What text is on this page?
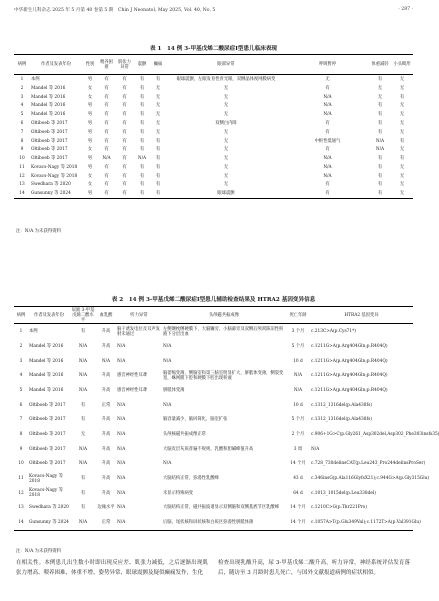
中华新生儿科杂志 2025 年 5 月第 40 卷第 5 期　Chin J Neonatol, May 2025, Vol. 40, No. 5	· 287 ·
表 1　14 例 3-甲基戊烯二酸尿症Ⅰ型患儿临床表现
病例	作者及发表年份	性别	喂养困难	肌张力异常	震颤	癫痫	眼部异常	呼吸暂停	体重减轻	小头畸形
1	本例	男	有	有	有	有	眼球震颤，左眼发育性青光眼，双侧晶体视网膜病变	无	有	无
2	Mandel 等 2016	女	有	有	有	无	无	有	无	无
3	Mandel 等 2016	女	有	有	有	无	无	N/A	无	有
4	Mandel 等 2016	男	有	有	有	无	无	N/A	有	无
5	Mandel 等 2016	男	有	有	有	无	无	N/A	有	无
6	Oltiboeb 等 2017	男	有	有	有	无	双侧白内障	有	有	无
7	Oltiboeb 等 2017	男	有	有	有	无	无	有	有	无
8	Oltiboeb 等 2017	男	有	有	有	有	无	中枢性低通气	N/A	有
9	Oltiboeb 等 2017	女	有	有	有	有	无	有	N/A	无
10	Oltiboeb 等 2017	男	N/A	有	N/A	有	无	N/A	有	有
11	Kovacs-Nagy 等 2018	男	有	有	有	有	无	N/A	有	无
12	Kovacs-Nagy 等 2018	女	有	有	有	有	无	N/A	有	无
13	Swedhara 等 2020	女	有	有	有	有	无	有	有	无
14	Gunsunny 等 2024	男	有	有	有	有	眼球震颤	有	有	无
注：N/A 为未获得资料
表 2　14 例 3-甲基戊烯二酸尿症Ⅰ型患儿辅助检查结果及 HTRA2 基因变异信息
病例	作者及发表年份	尿液 3-甲基戊烯二酸水平	血乳酸	听力异常	头颅磁共振成像	死亡年龄	HTRA2 基因变异
1	本例	有	升高	脑干诱发电位及耳声发射未通过	左侧颞枕侧硬膜下、大脑镰旁、小脑幕旁及双侧后颅窝陈旧性积液下分层出血	3 个月	c.213C>A(p.Cys71*)
2	Mandel 等 2016	N/A	升高	N/A	N/A	5 个月	c.1211G>A(p.Arg404Gln;p.R404Q)
3	Mandel 等 2016	N/A	N/A	N/A	N/A	10 d	c.1211G>A(p.Arg404Gln;p.R404Q)
4	Mandel 等 2016	N/A	升高	感音神经性耳聋	脑萎缩变薄，侧脑室和第三脑室明显扩大，胼胝体变薄，侧裂变宽，蛛网膜下腔和硬膜下腔出现积液	N/A	c.1211G>A(p.Arg404Gln;p.R404Q)
5	Mandel 等 2016	N/A	升高	感音神经性耳聋	胼胝体变薄	N/A	c.1211G>A(p.Arg404Gln;p.R404Q)
6	Oltiboeb 等 2017	有	正常	N/A	N/A	10 d	c.1312_1316del(p.Ala438fs)
7	Oltiboeb 等 2017	有	升高	N/A	脑容量减少，脑回简化，脑室扩张	5 个月	c.1312_1316del(p.Ala438fs)
8	Oltiboeb 等 2017	无	升高	N/A	头颅核磁共振成像正常	2 个月	c.906+1G>C(p.Gly261_Asp302del,Asp302_Phe303insfs35)
9	Oltiboeb 等 2017	N/A	升高	N/A	大脑皮层灰质普遍不规则，乳酸和胆碱峰值升高	3 周	N/A
10	Oltiboeb 等 2017	N/A	升高	N/A	N/A	14 个月	c.728_730delinsCAT(p.Leu243_Pro244delinsProSer)
11	Kovacs-Nagy 等 2018	有	升高	N/A	大脑结构正常，弥漫性乳酸峰	43 d	c.346insG(p.Ala116GlyfsX21);c.944G>A(p.Gly315Glu)
12	Kovacs-Nagy 等 2018	有	升高	N/A	未显示特殊病变	64 d	c.1013_1015del(p.Leu338del)
13	Swedhara 等 2020	有	边缘水平	N/A	大脑结构正常，磁共振波谱显示双侧脑和双侧基底节区乳酸峰	14 个月	c.1210C>G(p.Thr221Pro)
14	Gunsunny 等 2024	N/A	正常	N/A	后脑、尾状核和屏状核和白质区弥漫性胼胝体薄	14 个月	c.1057A>T(p.Glu349Val);c.1172T>A(p.Val391Glu)
注：N/A 为未获得资料
在相关性。本例患儿出生数小时即出现反应差、肌张力减低，之后逐渐出现肌张力增高、喂养困难、体重不增、姿势异常、眼球震颤及疑似癫痫发作，生化
检查出现乳酸升高，尿 3-甲基戊烯二酸升高，听力异常，神经系统评估发育落后，随访至 3 月龄时患儿死亡，与国外文献报道病例的症状相似。
